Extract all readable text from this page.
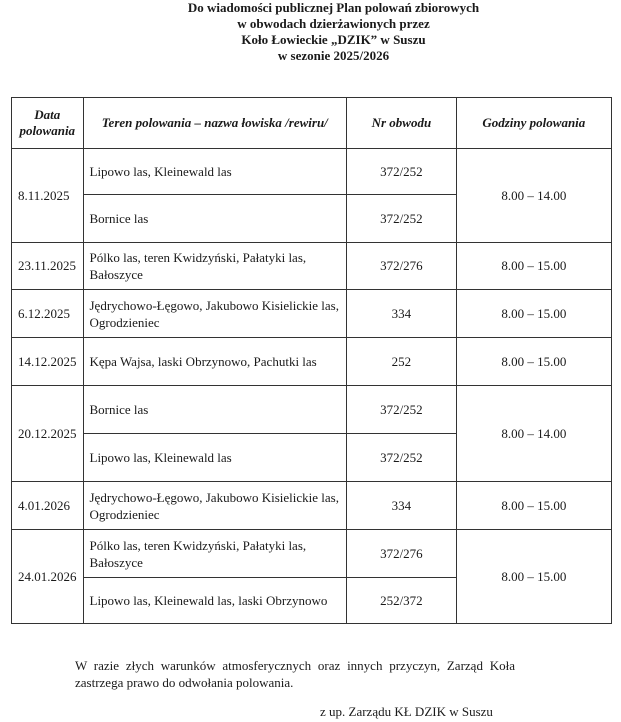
Do wiadomości publicznej Plan polowań zbiorowych
w obwodach dzierżawionych przez
Koło Łowieckie „DZIK” w Suszu
w sezonie 2025/2026
Data polowania	Teren polowania – nazwa łowiska /rewiru/	Nr obwodu	Godziny polowania
8.11.2025	Lipowo las, Kleinewald las	372/252	8.00 – 14.00
	Bornice las	372/252	
23.11.2025	Pólko las, teren Kwidzyński, Pałatyki las, Bałoszyce	372/276	8.00 – 15.00
6.12.2025	Jędrychowo-Łęgowo, Jakubowo Kisielickie las, Ogrodzieniec	334	8.00 – 15.00
14.12.2025	Kępa Wajsa, laski Obrzynowo, Pachutki las	252	8.00 – 15.00
20.12.2025	Bornice las	372/252	8.00 – 14.00
	Lipowo las, Kleinewald las	372/252	
4.01.2026	Jędrychowo-Łęgowo, Jakubowo Kisielickie las, Ogrodzieniec	334	8.00 – 15.00
24.01.2026	Pólko las, teren Kwidzyński, Pałatyki las, Bałoszyce	372/276	8.00 – 15.00
	Lipowo las, Kleinewald las, laski Obrzynowo	252/372	
W razie złych warunków atmosferycznych oraz innych przyczyn, Zarząd Koła zastrzega prawo do odwołania polowania.
z up. Zarządu KŁ DZIK w Suszu
